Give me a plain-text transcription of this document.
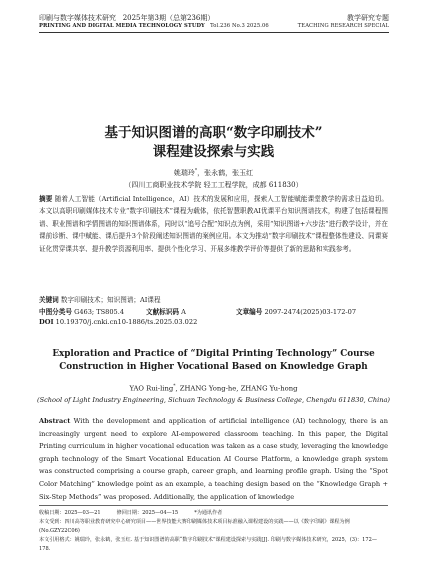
印刷与数字媒体技术研究 2025年第3期（总第236期）	教学研究专题
PRINTING AND DIGITAL MEDIA TECHNOLOGY STUDY Tol.236 No.3 2025.06	TEACHING RESEARCH SPECIAL
基于知识图谱的高职“数字印刷技术”
课程建设探索与实践
姚瑞玲*，张永鹤，张玉红
（四川工商职业技术学院 轻工工程学院，成都 611830）
摘要 随着人工智能（Artificial Intelligence，AI）技术的发展和应用，探索人工智能赋能课堂教学的需求日益迫切。本文以高职印刷媒体技术专业“数字印刷技术”课程为载体，依托智慧职教AI优课平台知识图谱技术，构建了包括课程图谱、职业图谱和学情图谱的知识图谱体系，同时以“追号合配”知识点为例，采用“知识图谱+六步法”进行教学设计，并在课前诊断、课中赋能、课后提升3个阶段阐述知识图谱的案例应用。本文为推动“数字印刷技术”课程整体性建设、同课赛证化贯穿课共享、提升教学资源利用率、提供个性化学习、开展多维教学评价等提供了新的思路和实践参考。
关键词 数字印刷技术；知识图谱；AI课程
中图分类号 G463; TS805.4	文献标识码 A	文章编号 2097-2474(2025)03-172-07
DOI 10.19370/j.cnki.cn10-1886/ts.2025.03.022
Exploration and Practice of “Digital Printing Technology” Course
Construction in Higher Vocational Based on Knowledge Graph
YAO Rui-ling*, ZHANG Yong-he, ZHANG Yu-hong
(School of Light Industry Engineering, Sichuan Technology & Business College, Chengdu 611830, China)
Abstract With the development and application of artificial intelligence (AI) technology, there is an increasingly urgent need to explore AI-empowered classroom teaching. In this paper, the Digital Printing curriculum in higher vocational education was taken as a case study, leveraging the knowledge graph technology of the Smart Vocational Education AI Course Platform, a knowledge graph system was constructed comprising a course graph, career graph, and learning profile graph. Using the “Spot Color Matching” knowledge point as an example, a teaching design based on the “Knowledge Graph + Six-Step Methods” was proposed. Additionally, the application of knowledge
收稿日期：2025—03—21	修回日期：2025—04—15	*为通讯作者
本文受到：四川高等职业教育研究中心研究项目——世界技能大赛印刷媒体技术项目标准融入课程建设的实践——以《数字印刷》课程为例(No.GZY22C06)
本文引用格式：姚瑞玲，张永鹤，张玉红. 基于知识图谱的高职“数字印刷技术”课程建设探索与实践[J]. 印刷与数字媒体技术研究，2025，(3)：172—178.
